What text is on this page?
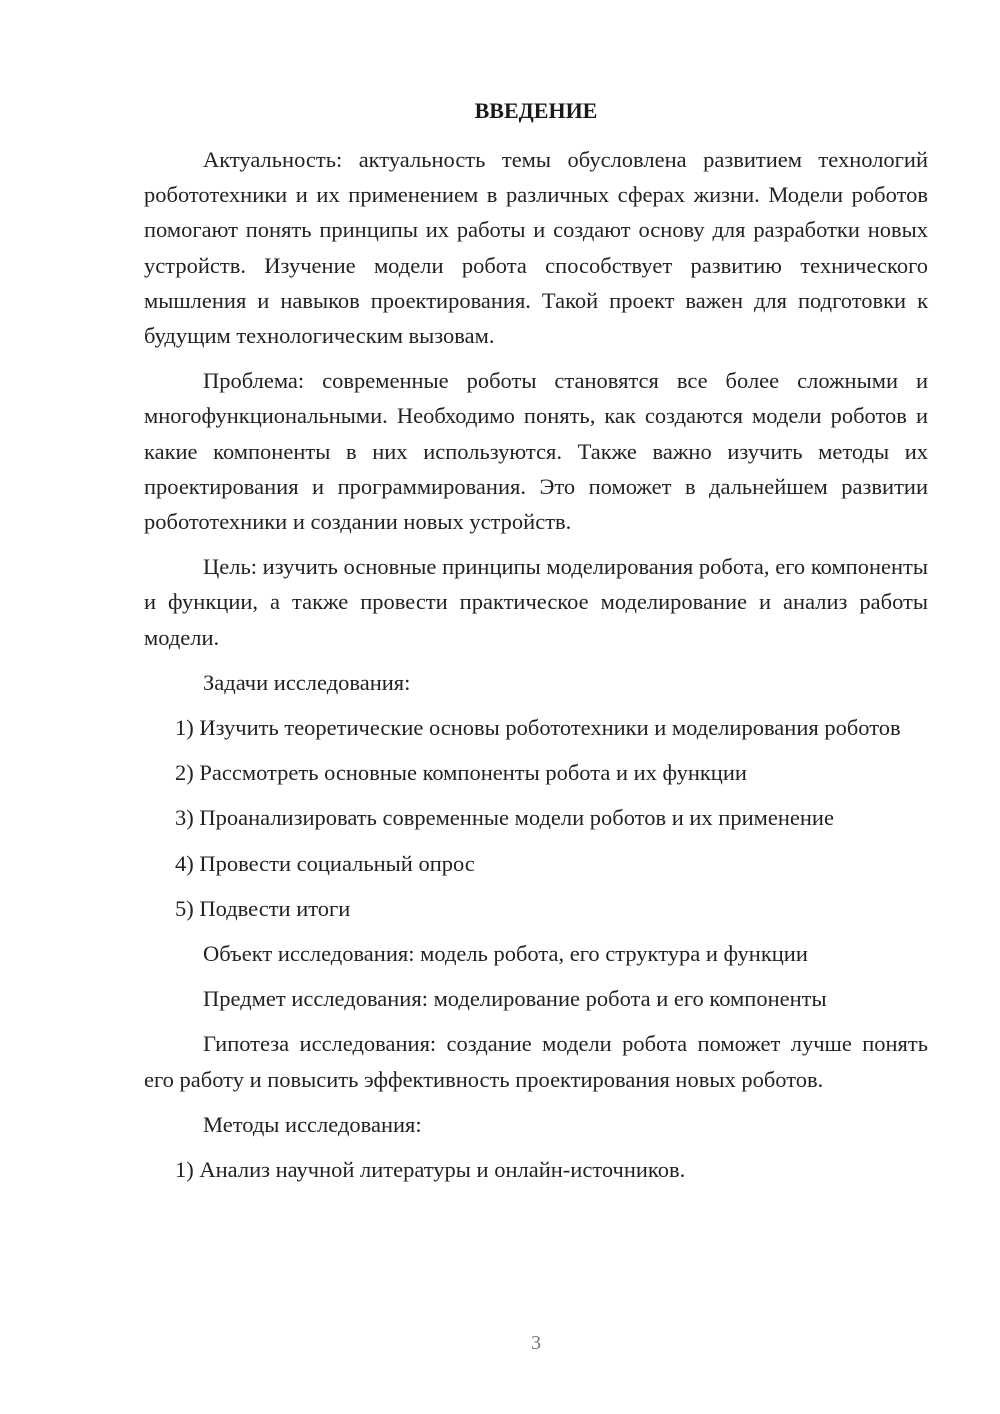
ВВЕДЕНИЕ

Актуальность: актуальность темы обусловлена развитием технологий робототехники и их применением в различных сферах жизни. Модели роботов помогают понять принципы их работы и создают основу для разработки новых устройств. Изучение модели робота способствует развитию технического мышления и навыков проектирования. Такой проект важен для подготовки к будущим технологическим вызовам.

Проблема: современные роботы становятся все более сложными и многофункциональными. Необходимо понять, как создаются модели роботов и какие компоненты в них используются. Также важно изучить методы их проектирования и программирования. Это поможет в дальнейшем развитии робототехники и создании новых устройств.

Цель: изучить основные принципы моделирования робота, его компоненты и функции, а также провести практическое моделирование и анализ работы модели.

Задачи исследования:

1) Изучить теоретические основы робототехники и моделирования роботов

2) Рассмотреть основные компоненты робота и их функции

3) Проанализировать современные модели роботов и их применение

4) Провести социальный опрос

5) Подвести итоги

Объект исследования: модель робота, его структура и функции

Предмет исследования: моделирование робота и его компоненты

Гипотеза исследования: создание модели робота поможет лучше понять его работу и повысить эффективность проектирования новых роботов.

Методы исследования:

1) Анализ научной литературы и онлайн-источников.

3
